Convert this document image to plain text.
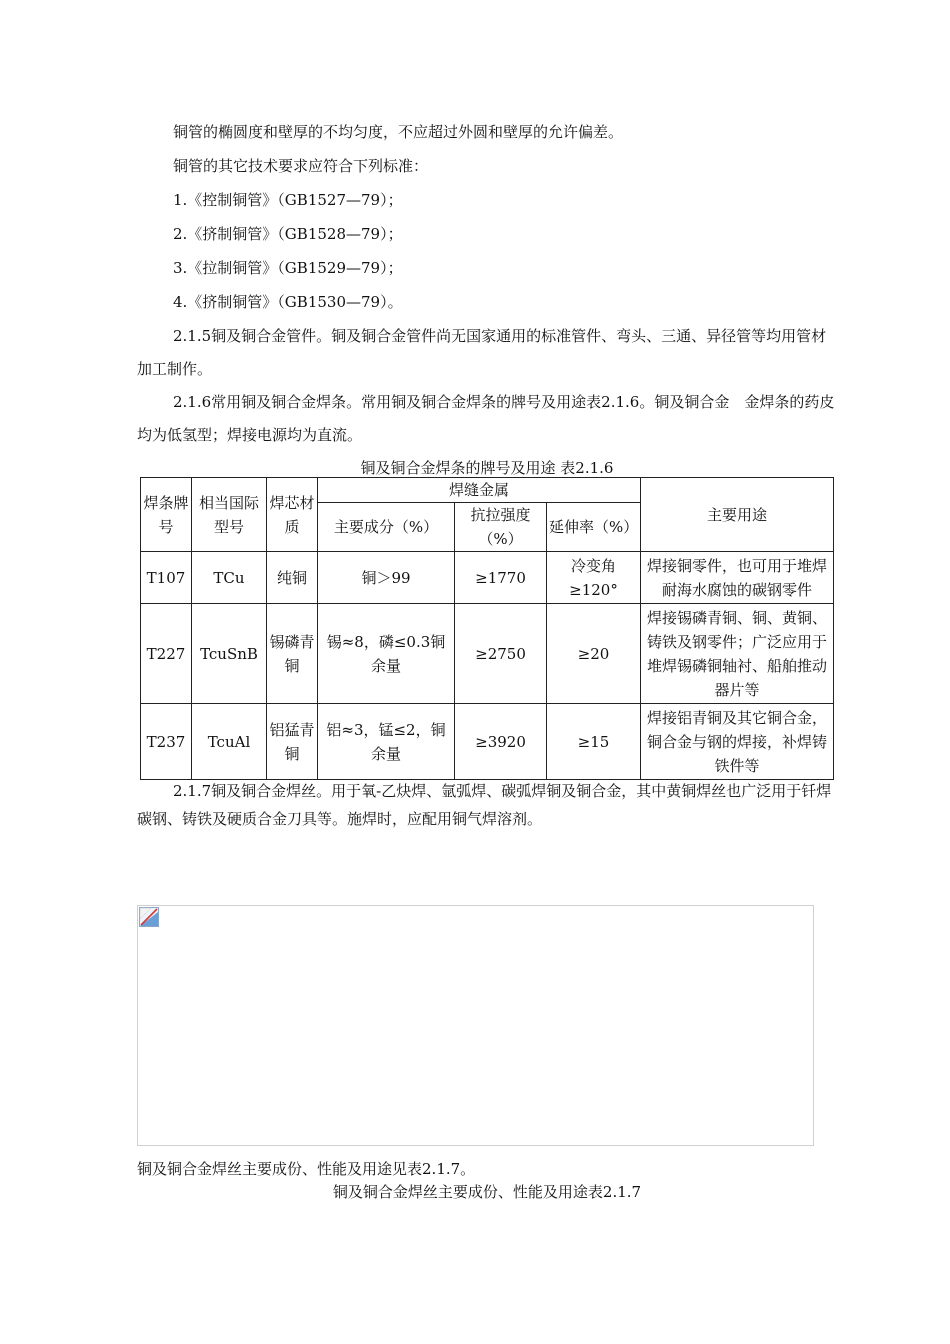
铜管的椭圆度和壁厚的不均匀度，不应超过外圆和壁厚的允许偏差。

铜管的其它技术要求应符合下列标准：

1.《控制铜管》（GB1527—79）；

2.《挤制铜管》（GB1528—79）；

3.《拉制铜管》（GB1529—79）；

4.《挤制铜管》（GB1530—79）。

2.1.5铜及铜合金管件。铜及铜合金管件尚无国家通用的标准管件、弯头、三通、异径管等均用管材加工制作。

2.1.6常用铜及铜合金焊条。常用铜及铜合金焊条的牌号及用途表2.1.6。铜及铜合金　金焊条的药皮均为低氢型；焊接电源均为直流。

铜及铜合金焊条的牌号及用途 表2.1.6

焊条牌号	相当国际型号	焊芯材质	焊缝金属			主要用途
			主要成分（%）	抗拉强度（%）	延伸率（%）	
T107	TCu	纯铜	铜＞99	≥1770	冷变角≥120°	焊接铜零件，也可用于堆焊耐海水腐蚀的碳钢零件
T227	TcuSnB	锡磷青铜	锡≈8，磷≤0.3铜余量	≥2750	≥20	焊接锡磷青铜、铜、黄铜、铸铁及钢零件；广泛应用于堆焊锡磷铜轴衬、船舶推动器片等
T237	TcuAl	铝猛青铜	铝≈3，锰≤2，铜余量	≥3920	≥15	焊接铝青铜及其它铜合金，铜合金与钢的焊接，补焊铸铁件等

2.1.7铜及铜合金焊丝。用于氧-乙炔焊、氩弧焊、碳弧焊铜及铜合金，其中黄铜焊丝也广泛用于钎焊碳钢、铸铁及硬质合金刀具等。施焊时，应配用铜气焊溶剂。

铜及铜合金焊丝主要成份、性能及用途见表2.1.7。

铜及铜合金焊丝主要成份、性能及用途表2.1.7
